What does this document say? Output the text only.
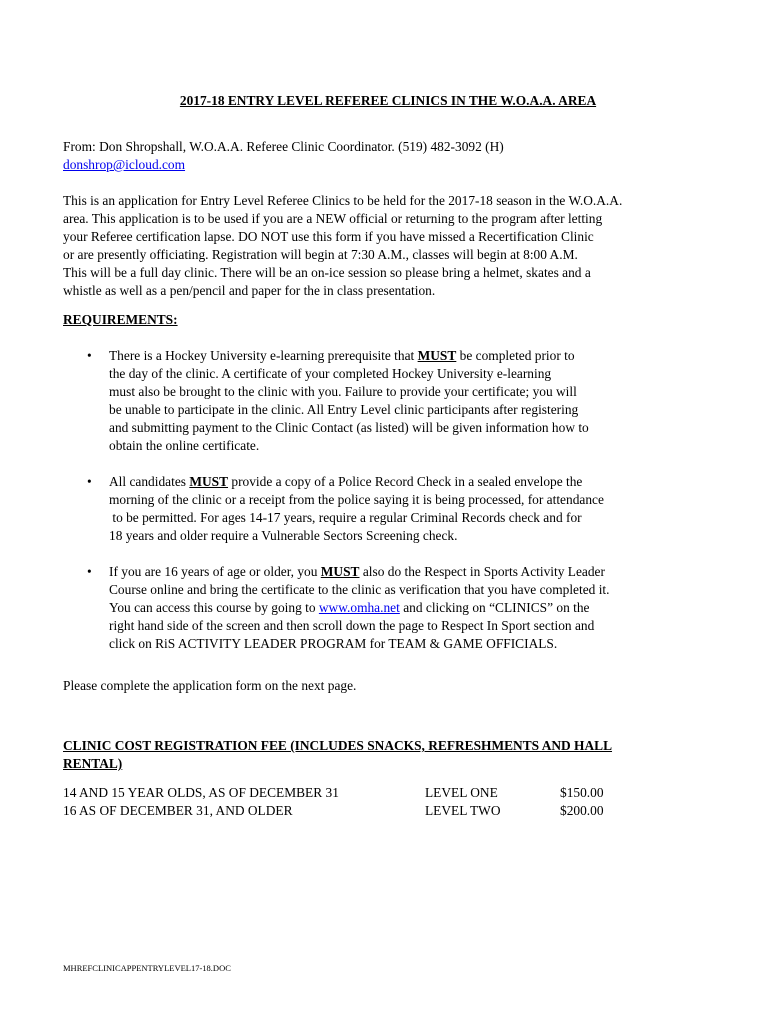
2017-18 ENTRY LEVEL REFEREE CLINICS IN THE W.O.A.A. AREA
From: Don Shropshall, W.O.A.A. Referee Clinic Coordinator. (519) 482-3092 (H)
donshrop@icloud.com
This is an application for Entry Level Referee Clinics to be held for the 2017-18 season in the W.O.A.A.
area. This application is to be used if you are a NEW official or returning to the program after letting
your Referee certification lapse. DO NOT use this form if you have missed a Recertification Clinic
or are presently officiating. Registration will begin at 7:30 A.M., classes will begin at 8:00 A.M.
This will be a full day clinic. There will be an on-ice session so please bring a helmet, skates and a
whistle as well as a pen/pencil and paper for the in class presentation.
REQUIREMENTS:
• There is a Hockey University e-learning prerequisite that MUST be completed prior to
the day of the clinic. A certificate of your completed Hockey University e-learning
must also be brought to the clinic with you. Failure to provide your certificate; you will
be unable to participate in the clinic. All Entry Level clinic participants after registering
and submitting payment to the Clinic Contact (as listed) will be given information how to
obtain the online certificate.
• All candidates MUST provide a copy of a Police Record Check in a sealed envelope the
morning of the clinic or a receipt from the police saying it is being processed, for attendance
to be permitted. For ages 14-17 years, require a regular Criminal Records check and for
18 years and older require a Vulnerable Sectors Screening check.
• If you are 16 years of age or older, you MUST also do the Respect in Sports Activity Leader
Course online and bring the certificate to the clinic as verification that you have completed it.
You can access this course by going to www.omha.net and clicking on “CLINICS” on the
right hand side of the screen and then scroll down the page to Respect In Sport section and
click on RiS ACTIVITY LEADER PROGRAM for TEAM & GAME OFFICIALS.
Please complete the application form on the next page.
CLINIC COST REGISTRATION FEE (INCLUDES SNACKS, REFRESHMENTS AND HALL
RENTAL)
14 AND 15 YEAR OLDS, AS OF DECEMBER 31	LEVEL ONE	$150.00
16 AS OF DECEMBER 31, AND OLDER	LEVEL TWO	$200.00
MHREFCLINICAPPENTRYLEVEL17-18.DOC
